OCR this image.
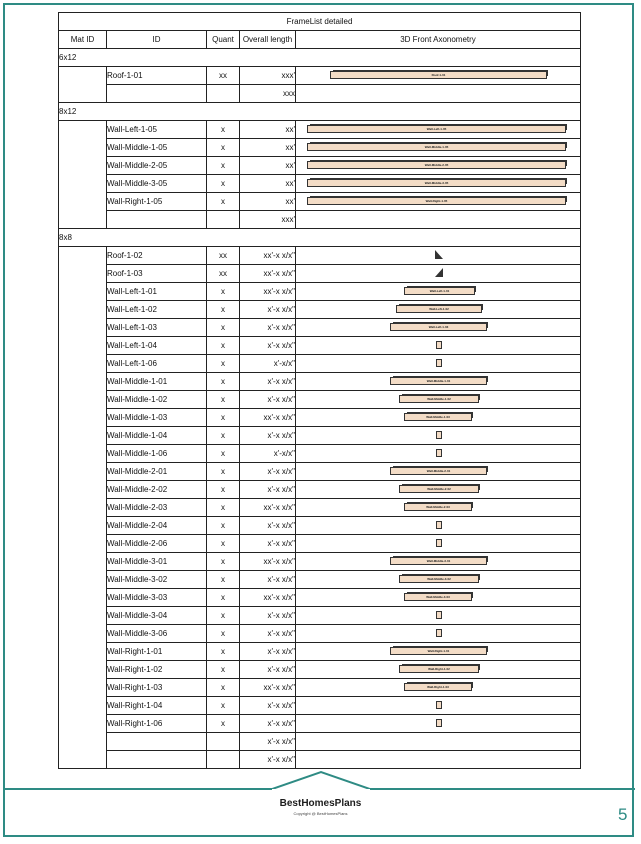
FrameList detailed				
Mat ID	ID	Quant	Overall length	3D Front Axonometry
6x12				
	Roof-1-01	xx	xxx'	Roof-1-01

			xxx	
8x12				
	Wall-Left-1-05	x	xx'	Wall-Left-1-05

	Wall-Middle-1-05	x	xx'	Wall-Middle-1-05

	Wall-Middle-2-05	x	xx'	Wall-Middle-2-05

	Wall-Middle-3-05	x	xx'	Wall-Middle-3-05

	Wall-Right-1-05	x	xx'	Wall-Right-1-05

			xxx'	
8x8				
	Roof-1-02	xx	xx'-x x/x"	

	Roof-1-03	xx	xx'-x x/x"	

	Wall-Left-1-01	x	xx'-x x/x"	Wall-Left-1-01

	Wall-Left-1-02	x	x'-x x/x"	Wall-Left-1-02

	Wall-Left-1-03	x	x'-x x/x"	Wall-Left-1-03

	Wall-Left-1-04	x	x'-x x/x"	

	Wall-Left-1-06	x	x'-x/x"	

	Wall-Middle-1-01	x	x'-x x/x"	Wall-Middle-1-01

	Wall-Middle-1-02	x	x'-x x/x"	Wall-Middle-1-02

	Wall-Middle-1-03	x	xx'-x x/x"	Wall-Middle-1-03

	Wall-Middle-1-04	x	x'-x x/x"	

	Wall-Middle-1-06	x	x'-x/x"	

	Wall-Middle-2-01	x	x'-x x/x"	Wall-Middle-2-01

	Wall-Middle-2-02	x	x'-x x/x"	Wall-Middle-2-02

	Wall-Middle-2-03	x	xx'-x x/x"	Wall-Middle-2-03

	Wall-Middle-2-04	x	x'-x x/x"	

	Wall-Middle-2-06	x	x'-x x/x"	

	Wall-Middle-3-01	x	xx'-x x/x"	Wall-Middle-3-01

	Wall-Middle-3-02	x	x'-x x/x"	Wall-Middle-3-02

	Wall-Middle-3-03	x	xx'-x x/x"	Wall-Middle-3-03

	Wall-Middle-3-04	x	x'-x x/x"	

	Wall-Middle-3-06	x	x'-x x/x"	

	Wall-Right-1-01	x	x'-x x/x"	Wall-Right-1-01

	Wall-Right-1-02	x	x'-x x/x"	Wall-Right-1-02

	Wall-Right-1-03	x	xx'-x x/x"	Wall-Right-1-03

	Wall-Right-1-04	x	x'-x x/x"	

	Wall-Right-1-06	x	x'-x x/x"	

			x'-x x/x"	
			x'-x x/x"	
BestHomesPlans
Copyright @ BestHomesPlans	5
